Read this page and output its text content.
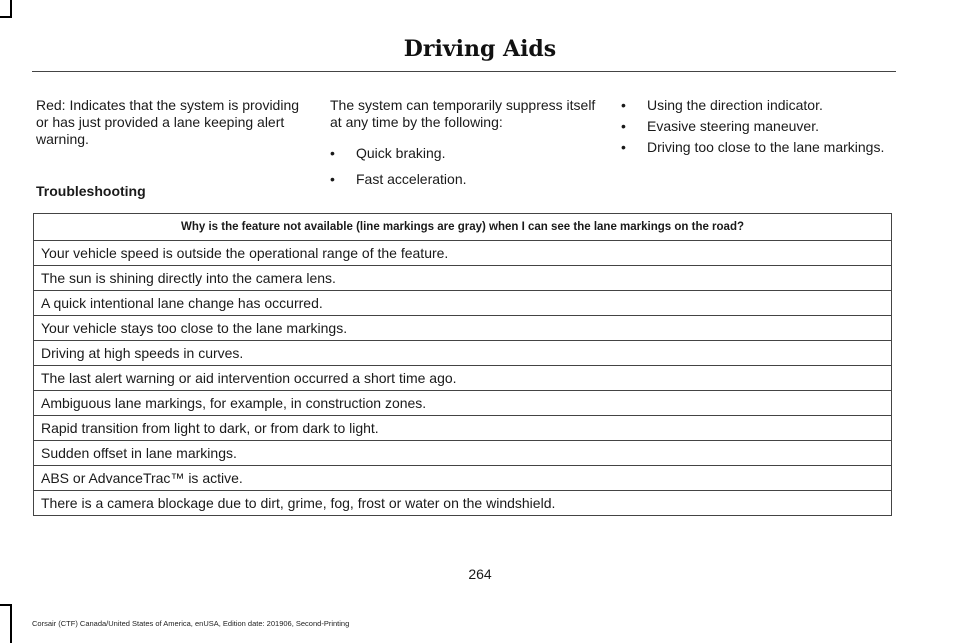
Driving Aids

Red: Indicates that the system is providing or has just provided a lane keeping alert warning.

The system can temporarily suppress itself at any time by the following:

• Quick braking.
• Fast acceleration.
• Using the direction indicator.
• Evasive steering maneuver.
• Driving too close to the lane markings.
Troubleshooting
Why is the feature not available (line markings are gray) when I can see the lane markings on the road?
Your vehicle speed is outside the operational range of the feature.
The sun is shining directly into the camera lens.
A quick intentional lane change has occurred.
Your vehicle stays too close to the lane markings.
Driving at high speeds in curves.
The last alert warning or aid intervention occurred a short time ago.
Ambiguous lane markings, for example, in construction zones.
Rapid transition from light to dark, or from dark to light.
Sudden offset in lane markings.
ABS or AdvanceTrac™ is active.
There is a camera blockage due to dirt, grime, fog, frost or water on the windshield.
264
Corsair (CTF) Canada/United States of America, enUSA, Edition date: 201906, Second-Printing
